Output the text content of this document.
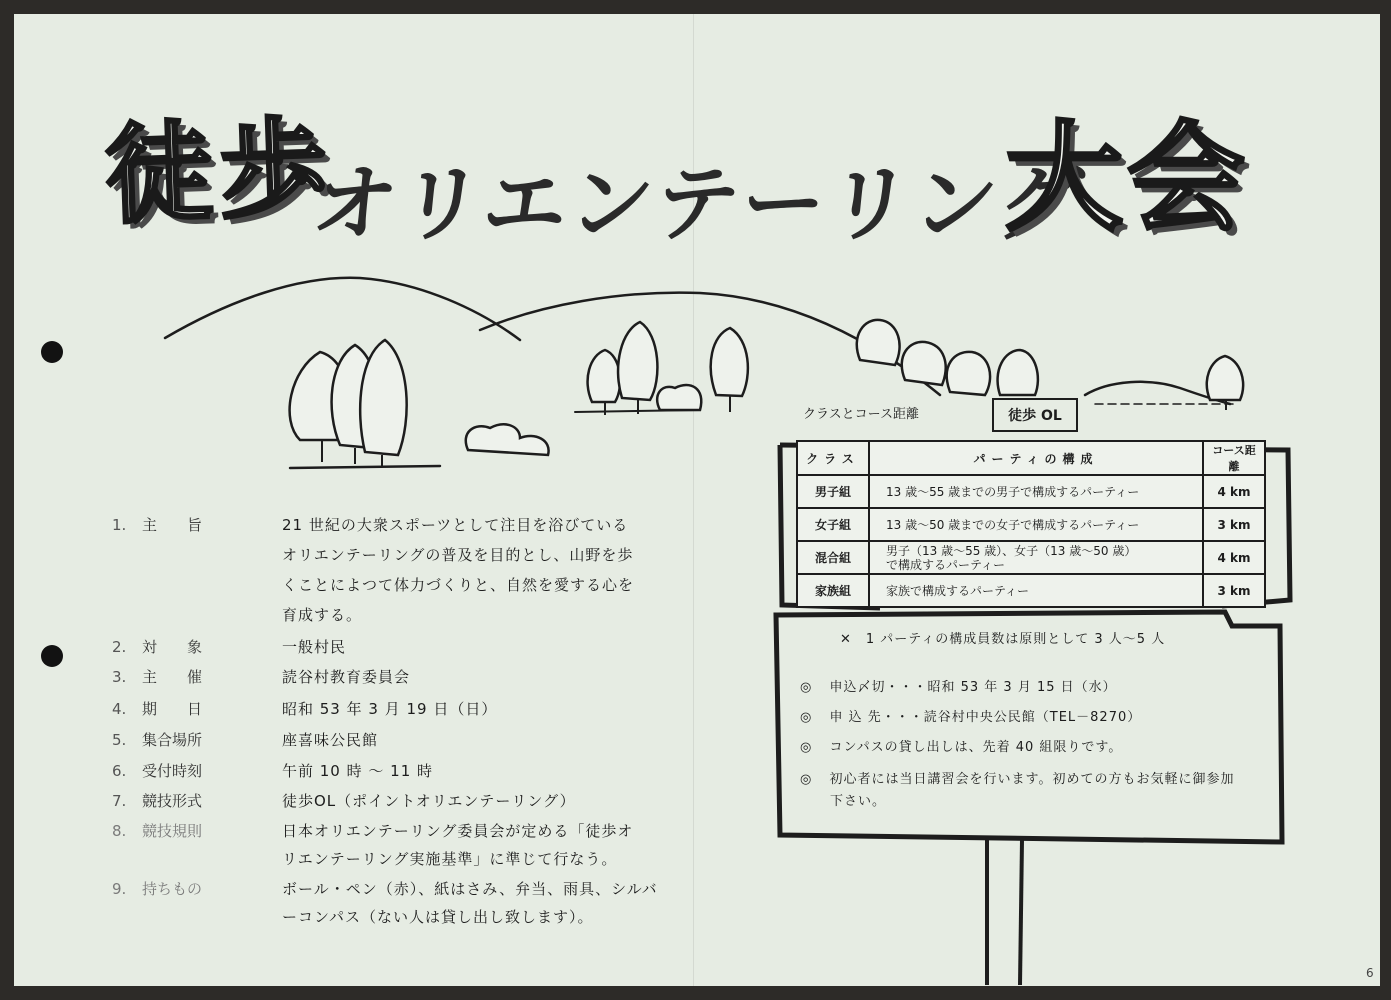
徒歩
オリエンテーリング
大会
1.	主　　旨	21 世紀の大衆スポーツとして注目を浴びている
オリエンテーリングの普及を目的とし、山野を歩
くことによつて体力づくりと、自然を愛する心を
育成する。
2.	対　　象	一般村民
3.	主　　催	読谷村教育委員会
4.	期　　日	昭和 53 年 3 月 19 日（日）
5.	集合場所	座喜味公民館
6.	受付時刻	午前 10 時 ～ 11 時
7.	競技形式	徒歩OL（ポイントオリエンテーリング）
8.	競技規則	日本オリエンテーリング委員会が定める「徒歩オ
リエンテーリング実施基準」に準じて行なう。
9.	持ちもの	ボール・ペン（赤）、紙はさみ、弁当、雨具、シルバ
ーコンパス（ない人は貸し出し致します）。
クラスとコース距離	徒歩 OL
クラス	パーティの構成	コース距離
男子組	13 歳～55 歳までの男子で構成するパーティー	4 km
女子組	13 歳～50 歳までの女子で構成するパーティー	3 km
混合組	男子（13 歳～55 歳）、女子（13 歳～50 歳）
で構成するパーティー	4 km
家族組	家族で構成するパーティー	3 km
✕　1 パーティの構成員数は原則として 3 人～5 人
◎ 申込〆切・・・昭和 53 年 3 月 15 日（水）
◎ 申 込 先・・・読谷村中央公民館（TEL－8270）
◎ コンパスの貸し出しは、先着 40 組限りです。
◎ 初心者には当日講習会を行います。初めての方もお気軽に御参加
下さい。
6
